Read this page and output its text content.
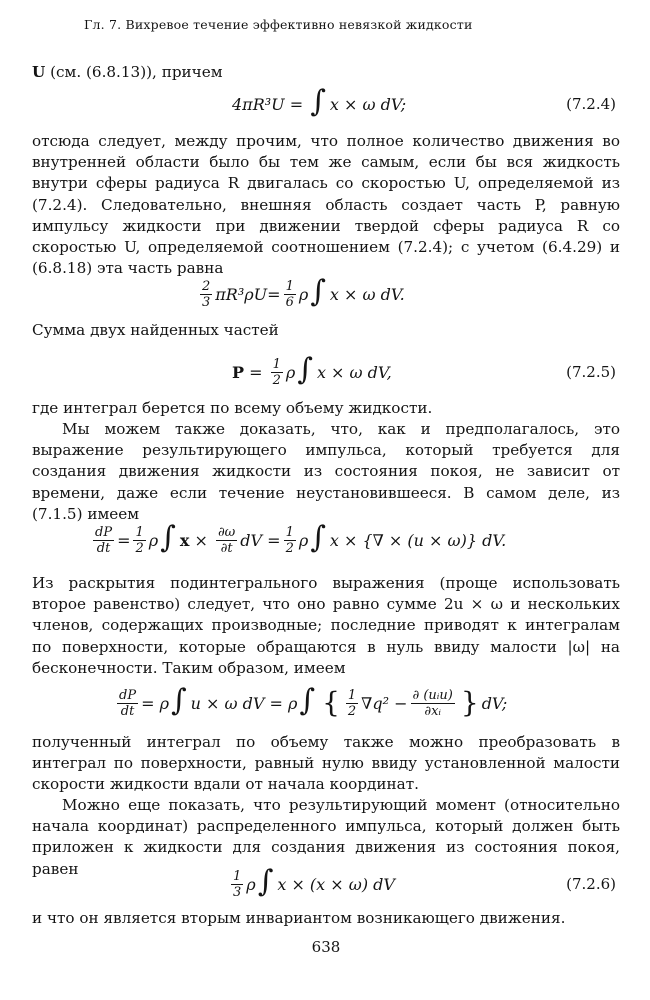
Гл. 7. Вихревое течение эффективно невязкой жидкости

U (см. (6.8.13)), причем

4πR³U = ∫ x × ω dV;	(7.2.4)

отсюда следует, между прочим, что полное количество движения во внутренней области было бы тем же самым, если бы вся жидкость внутри сферы радиуса R двигалась со скоростью U, определяемой из (7.2.4). Следовательно, внешняя область создает часть P, равную импульсу жидкости при движении твердой сферы радиуса R со скоростью U, определяемой соотношением (7.2.4); с учетом (6.4.29) и (6.8.18) эта часть равна

$\frac{2}{3} \pi R^3\rho U = \frac{1}{6}$ ρ ∫ x × ω dV.

Сумма двух найденных частей

$P = \frac{1}{2}$ ρ ∫ x × ω dV,	(7.2.5)

где интеграл берется по всему объему жидкости.

Мы можем также доказать, что, как и предполагалось, это выражение результирующего импульса, который требуется для создания движения жидкости из состояния покоя, не зависит от времени, даже если течение неустановившееся. В самом деле, из (7.1.5) имеем

$\frac{dP}{dt} = \frac{1}{2}$ ρ ∫ $x \times \frac{\partial\omega}{\partial t}$ dV = $\frac{1}{2}$ ρ ∫ x × {∇ × (u × ω)} dV.

Из раскрытия подинтегрального выражения (проще использовать второе равенство) следует, что оно равно сумме 2u × ω и нескольких членов, содержащих производные; последние приводят к интегралам по поверхности, которые обращаются в нуль ввиду малости |ω| на бесконечности. Таким образом, имеем

$\frac{dP}{dt} = \rho$ ∫ u × ω dV = ρ ∫ { $\frac{1}{2} \nabla q^2 - \frac{\text{∂ (uᵢu)}}{\text{∂xᵢ}}$ } dV;

полученный интеграл по объему также можно преобразовать в интеграл по поверхности, равный нулю ввиду установленной малости скорости жидкости вдали от начала координат.

Можно еще показать, что результирующий момент (относительно начала координат) распределенного импульса, который должен быть приложен к жидкости для создания движения из состояния покоя, равен	$\frac{1}{3}$ ρ ∫ x × (x × ω) dV	(7.2.6)

и что он является вторым инвариантом возникающего движения.

638
